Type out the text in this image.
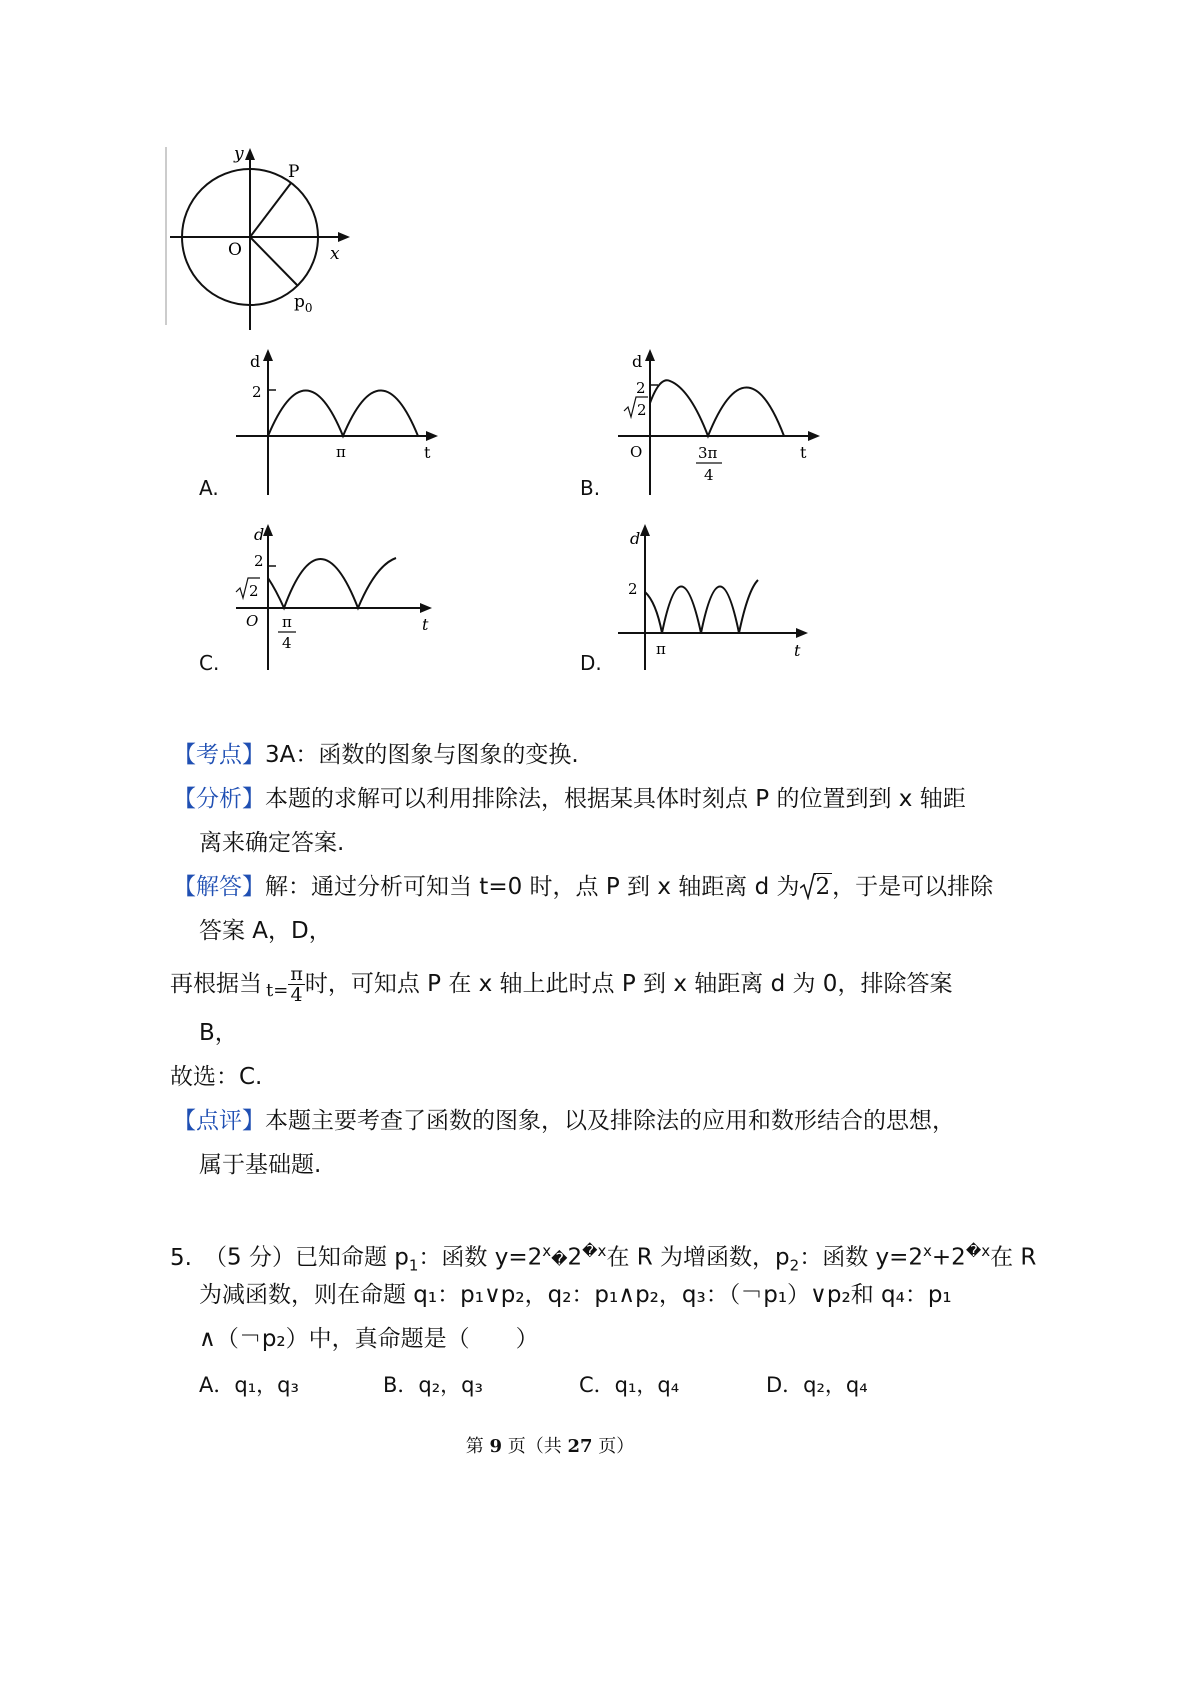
y
x
O
P
$p_0$
A.
d
2
π	t
B.
d
2
2
O	3π
4
t
C.
d
2
2
O π
4
t
D.
d
2
π	t
【考点】3A：函数的图象与图象的变换.
【分析】本题的求解可以利用排除法，根据某具体时刻点 P 的位置到到 x 轴距
离来确定答案.
【解答】解：通过分析可知当 t=0 时，点 P 到 x 轴距离 d 为 2，于是可以排除
答案 A，D，
再根据当 $t= \frac{\pi}{4}$ 时，可知点 P 在 x 轴上此时点 P 到 x 轴距离 d 为 0，排除答案
B，
故选：C.
【点评】本题主要考查了函数的图象，以及排除法的应用和数形结合的思想，
属于基础题.
5. （5 分）已知命题 $p_1$：函数 $y=2^x�2^{�x}$在 R 为增函数，$p_2$：函数 $y=2^x+2^{�x}$在 R
为减函数，则在命题 q₁：p₁∨p₂，q₂：p₁∧p₂，q₃：（￢p₁）∨p₂和 q₄：p₁
∧（￢p₂）中，真命题是（　　）
A．q₁，q₃	B．q₂，q₃	C．q₁，q₄	D．q₂，q₄
第 9 页（共 27 页）
